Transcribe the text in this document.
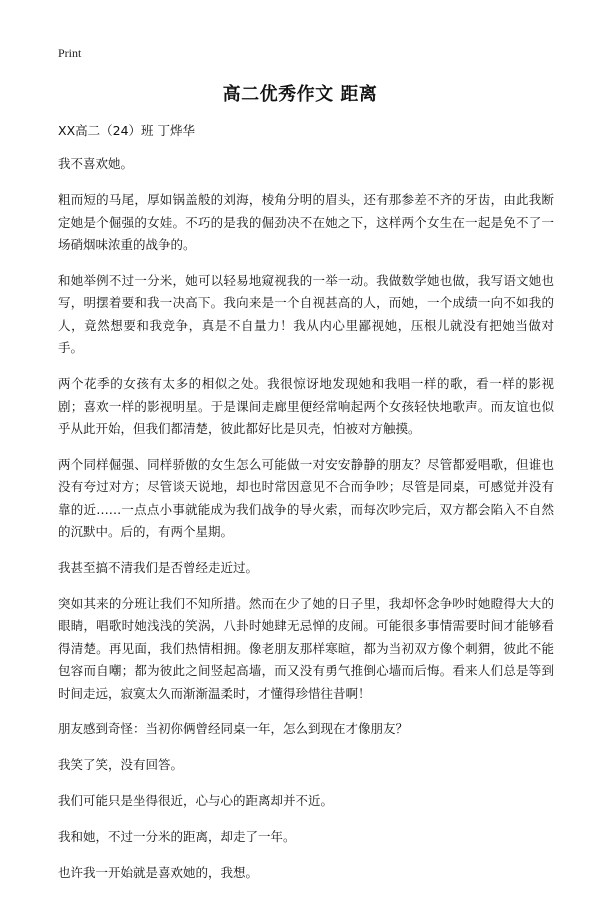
Print
高二优秀作文 距离

XX高二（24）班 丁烨华

我不喜欢她。

粗而短的马尾，厚如锅盖般的刘海，棱角分明的眉头，还有那参差不齐的牙齿，由此我断定她是个倔强的女娃。不巧的是我的倔劲决不在她之下，这样两个女生在一起是免不了一场硝烟味浓重的战争的。

和她举例不过一分米，她可以轻易地窥视我的一举一动。我做数学她也做，我写语文她也写，明摆着要和我一决高下。我向来是一个自视甚高的人，而她，一个成绩一向不如我的人，竟然想要和我竞争，真是不自量力！我从内心里鄙视她，压根儿就没有把她当做对手。

两个花季的女孩有太多的相似之处。我很惊讶地发现她和我唱一样的歌，看一样的影视剧；喜欢一样的影视明星。于是课间走廊里便经常响起两个女孩轻快地歌声。而友谊也似乎从此开始，但我们都清楚，彼此都好比是贝壳，怕被对方触摸。

两个同样倔强、同样骄傲的女生怎么可能做一对安安静静的朋友？尽管都爱唱歌，但谁也没有夸过对方；尽管谈天说地，却也时常因意见不合而争吵；尽管是同桌，可感觉并没有靠的近……一点点小事就能成为我们战争的导火索，而每次吵完后，双方都会陷入不自然的沉默中。后的，有两个星期。

我甚至搞不清我们是否曾经走近过。

突如其来的分班让我们不知所措。然而在少了她的日子里，我却怀念争吵时她瞪得大大的眼睛，唱歌时她浅浅的笑涡，八卦时她肆无忌惮的皮闹。可能很多事情需要时间才能够看得清楚。再见面，我们热情相拥。像老朋友那样寒暄，都为当初双方像个刺猬，彼此不能包容而自嘲；都为彼此之间竖起高墙，而又没有勇气推倒心墙而后悔。看来人们总是等到时间走远，寂寞太久而渐渐温柔时，才懂得珍惜往昔啊！

朋友感到奇怪：当初你俩曾经同桌一年，怎么到现在才像朋友？

我笑了笑，没有回答。

我们可能只是坐得很近，心与心的距离却并不近。

我和她，不过一分米的距离，却走了一年。

也许我一开始就是喜欢她的，我想。
